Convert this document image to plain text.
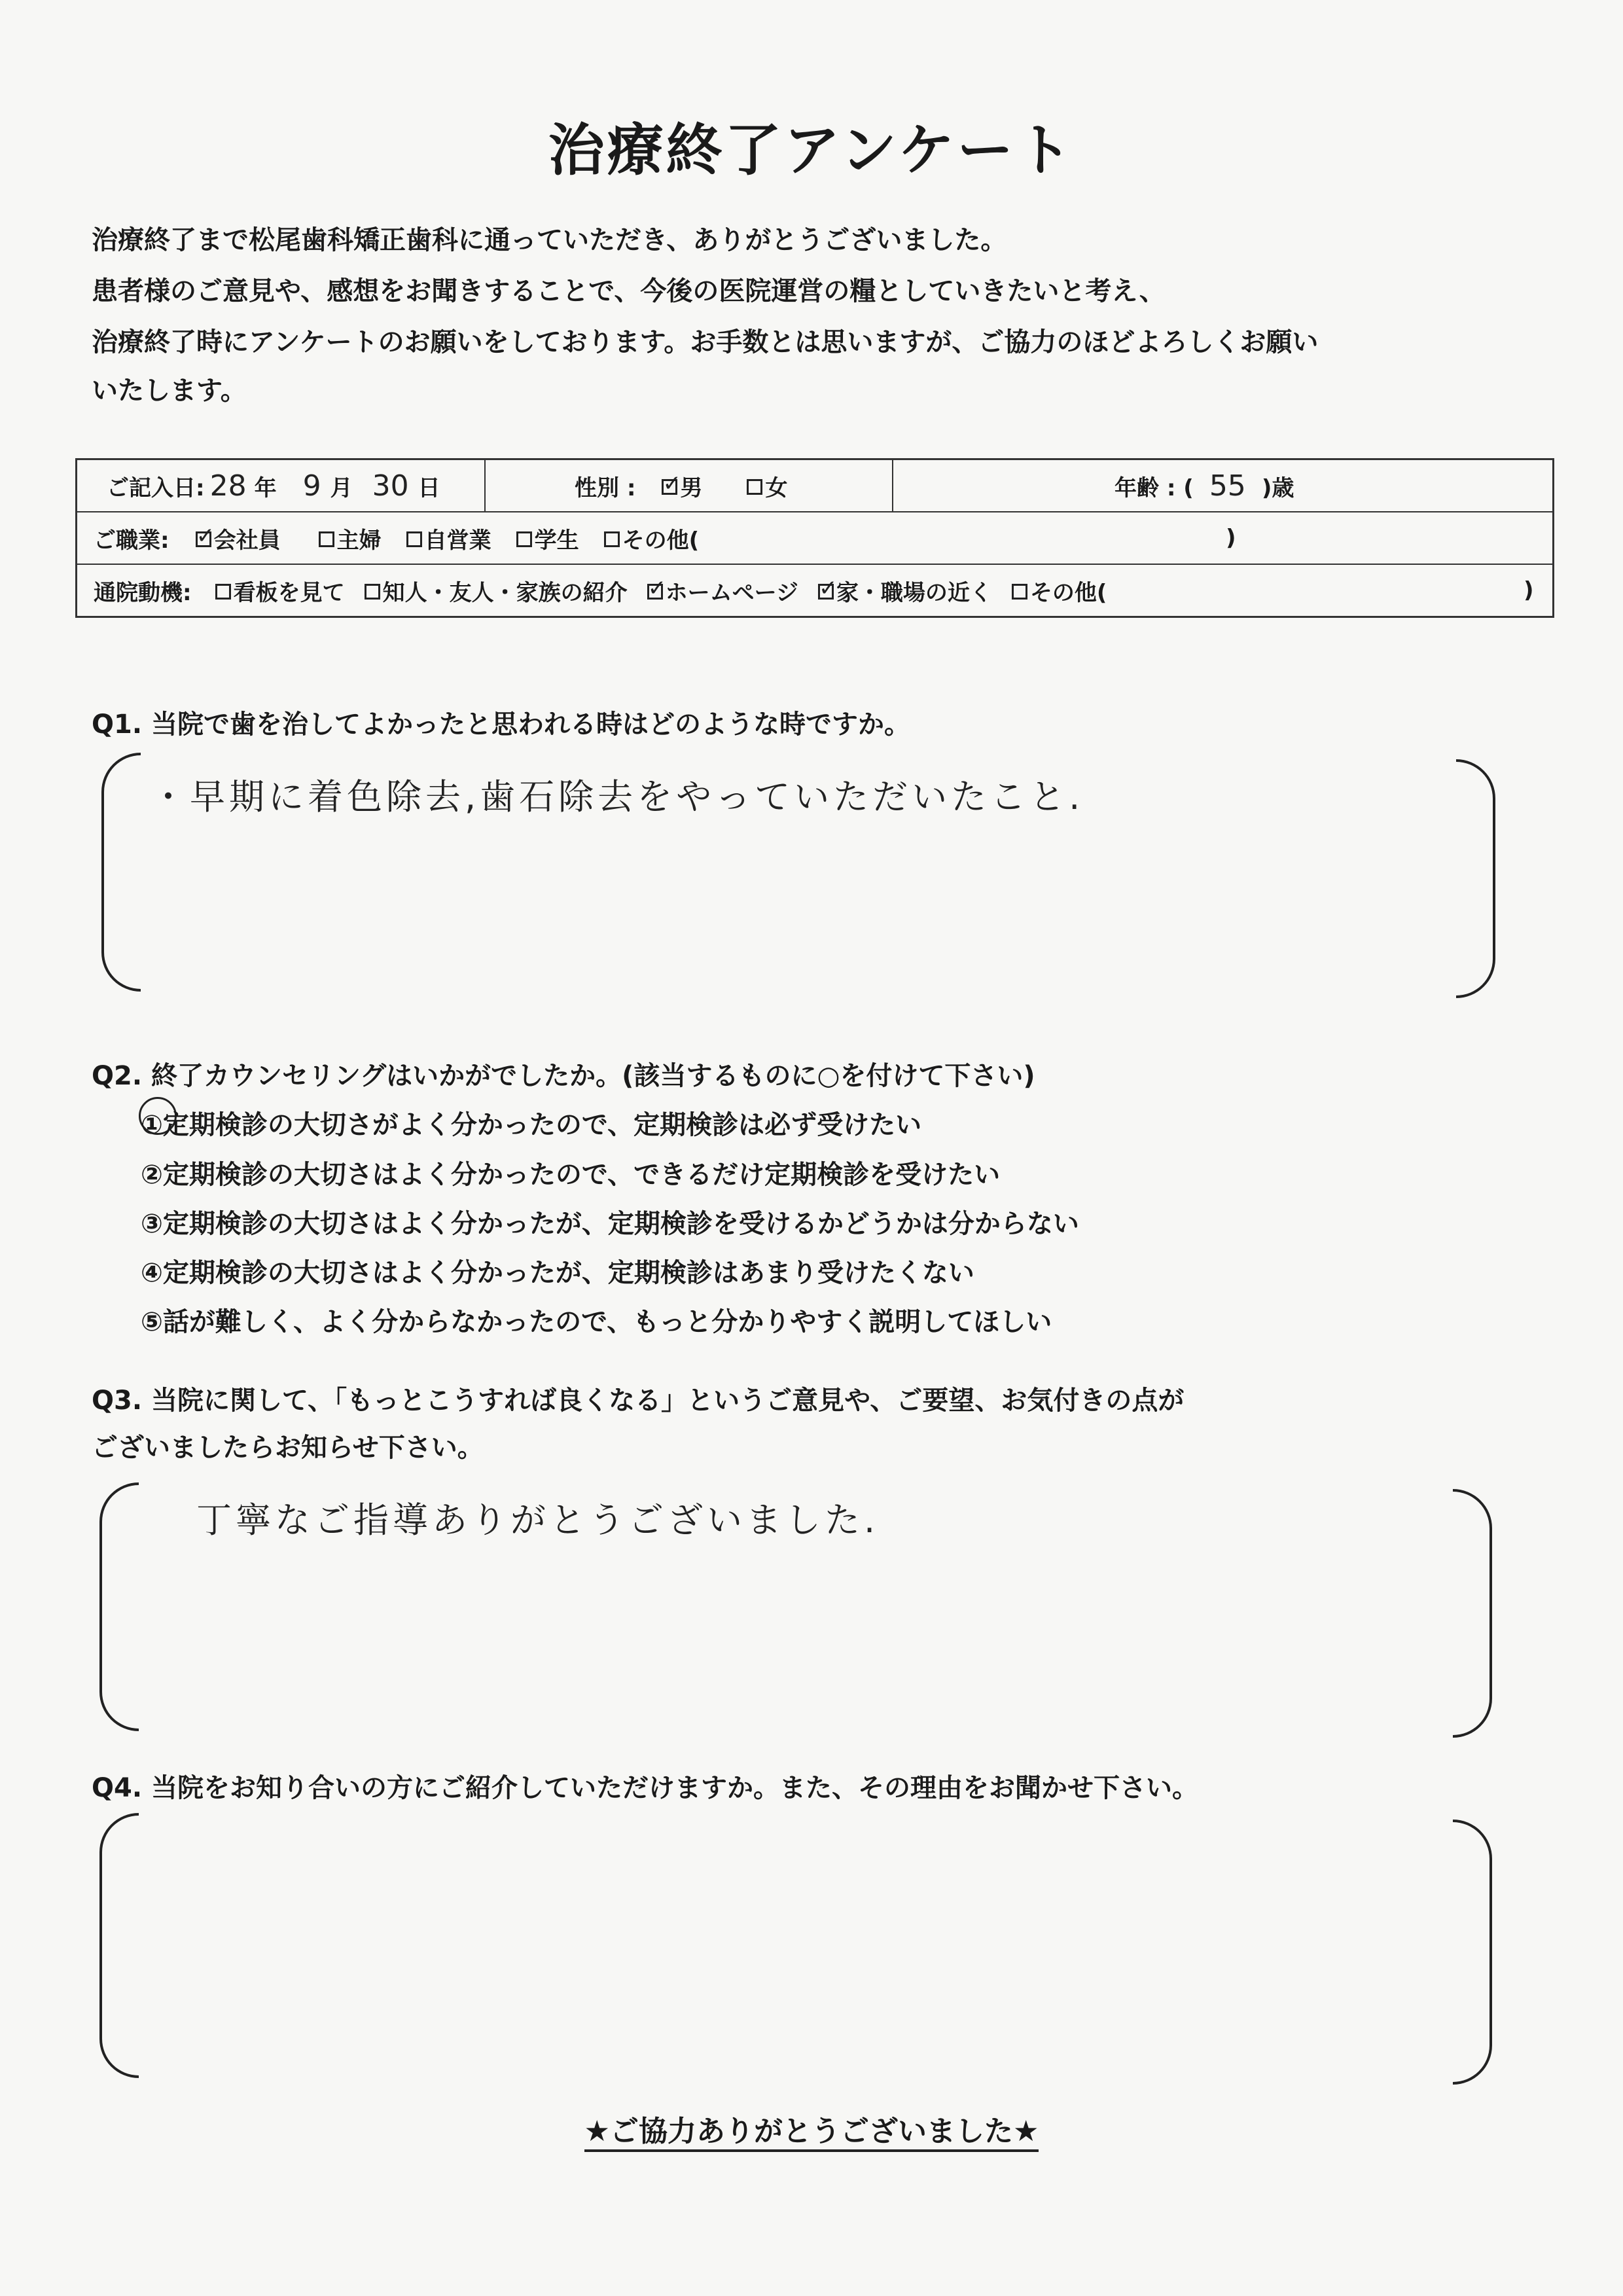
治療終了アンケート
治療終了まで松尾歯科矯正歯科に通っていただき、ありがとうございました。
患者様のご意見や、感想をお聞きすることで、今後の医院運営の糧としていきたいと考え、
治療終了時にアンケートのお願いをしております。お手数とは思いますが、ご協力のほどよろしくお願い
いたします。
ご記入日: 28 年 9 月 30 日	性別 : ✓ 男	女	年齢 : ( 55 )歳
ご職業: ✓ 会社員	主婦 自営業 学生 その他(	)
通院動機: 看板を見て 知人・友人・家族の紹介 ✓ ホームページ ✓ 家・職場の近く その他(	)
Q1. 当院で歯を治してよかったと思われる時はどのような時ですか。
・早期に着色除去,歯石除去をやっていただいたこと.
Q2. 終了カウンセリングはいかがでしたか。(該当するものに○を付けて下さい)
①定期検診の大切さがよく分かったので、定期検診は必ず受けたい
②定期検診の大切さはよく分かったので、できるだけ定期検診を受けたい
③定期検診の大切さはよく分かったが、定期検診を受けるかどうかは分からない
④定期検診の大切さはよく分かったが、定期検診はあまり受けたくない
⑤話が難しく、よく分からなかったので、もっと分かりやすく説明してほしい
Q3. 当院に関して、「もっとこうすれば良くなる」というご意見や、ご要望、お気付きの点が
ございましたらお知らせ下さい。
丁寧なご指導ありがとうございました.
Q4. 当院をお知り合いの方にご紹介していただけますか。また、その理由をお聞かせ下さい。
★ご協力ありがとうございました★
